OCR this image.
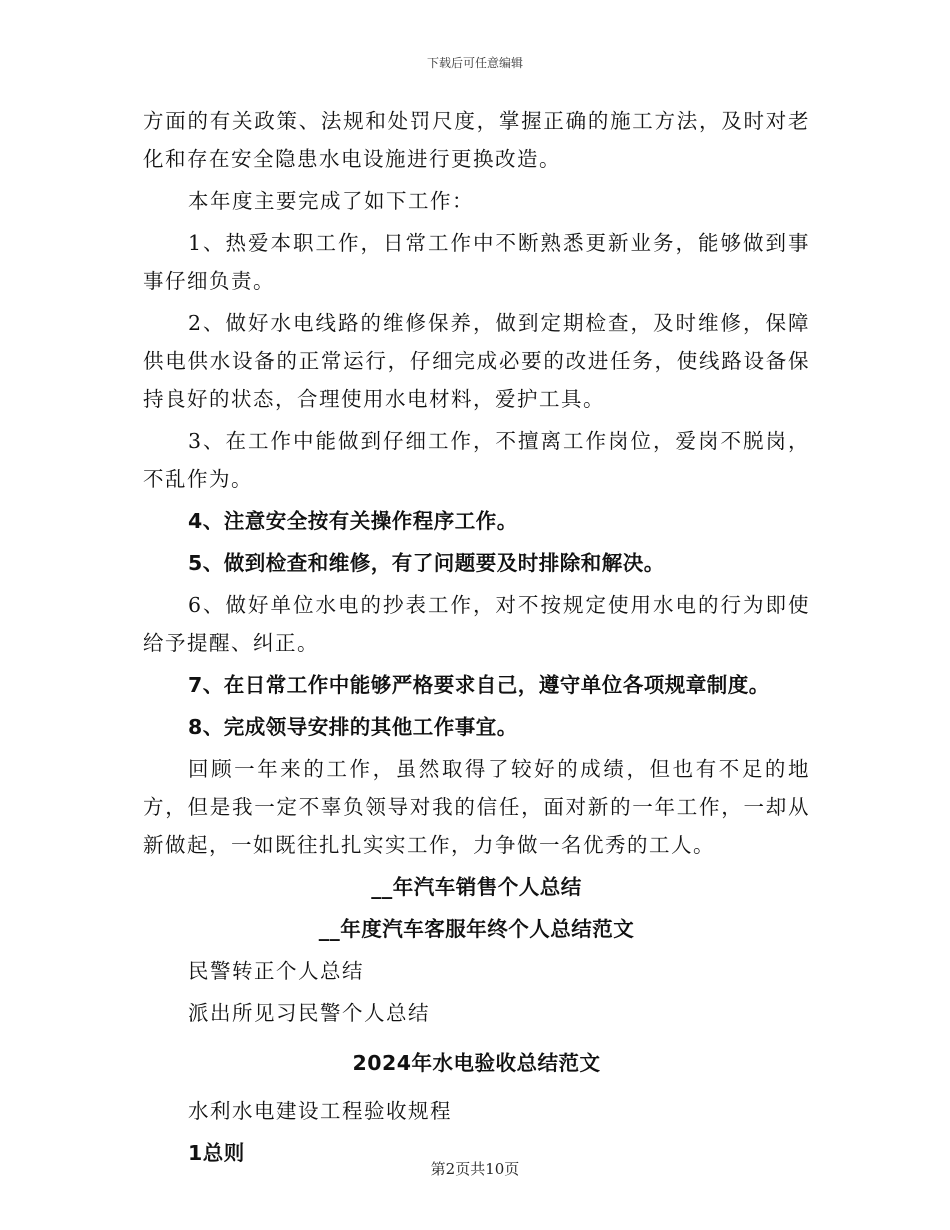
下载后可任意编辑

方面的有关政策、法规和处罚尺度，掌握正确的施工方法，及时对老化和存在安全隐患水电设施进行更换改造。

本年度主要完成了如下工作：

1、热爱本职工作，日常工作中不断熟悉更新业务，能够做到事事仔细负责。

2、做好水电线路的维修保养，做到定期检查，及时维修，保障供电供水设备的正常运行，仔细完成必要的改进任务，使线路设备保持良好的状态，合理使用水电材料，爱护工具。

3、在工作中能做到仔细工作，不擅离工作岗位，爱岗不脱岗，不乱作为。

4、注意安全按有关操作程序工作。

5、做到检查和维修，有了问题要及时排除和解决。

6、做好单位水电的抄表工作，对不按规定使用水电的行为即使给予提醒、纠正。

7、在日常工作中能够严格要求自己，遵守单位各项规章制度。

8、完成领导安排的其他工作事宜。

回顾一年来的工作，虽然取得了较好的成绩，但也有不足的地方，但是我一定不辜负领导对我的信任，面对新的一年工作，一却从新做起，一如既往扎扎实实工作，力争做一名优秀的工人。

__年汽车销售个人总结

__年度汽车客服年终个人总结范文

民警转正个人总结

派出所见习民警个人总结

2024年水电验收总结范文

水利水电建设工程验收规程

1总则

第2页共10页
